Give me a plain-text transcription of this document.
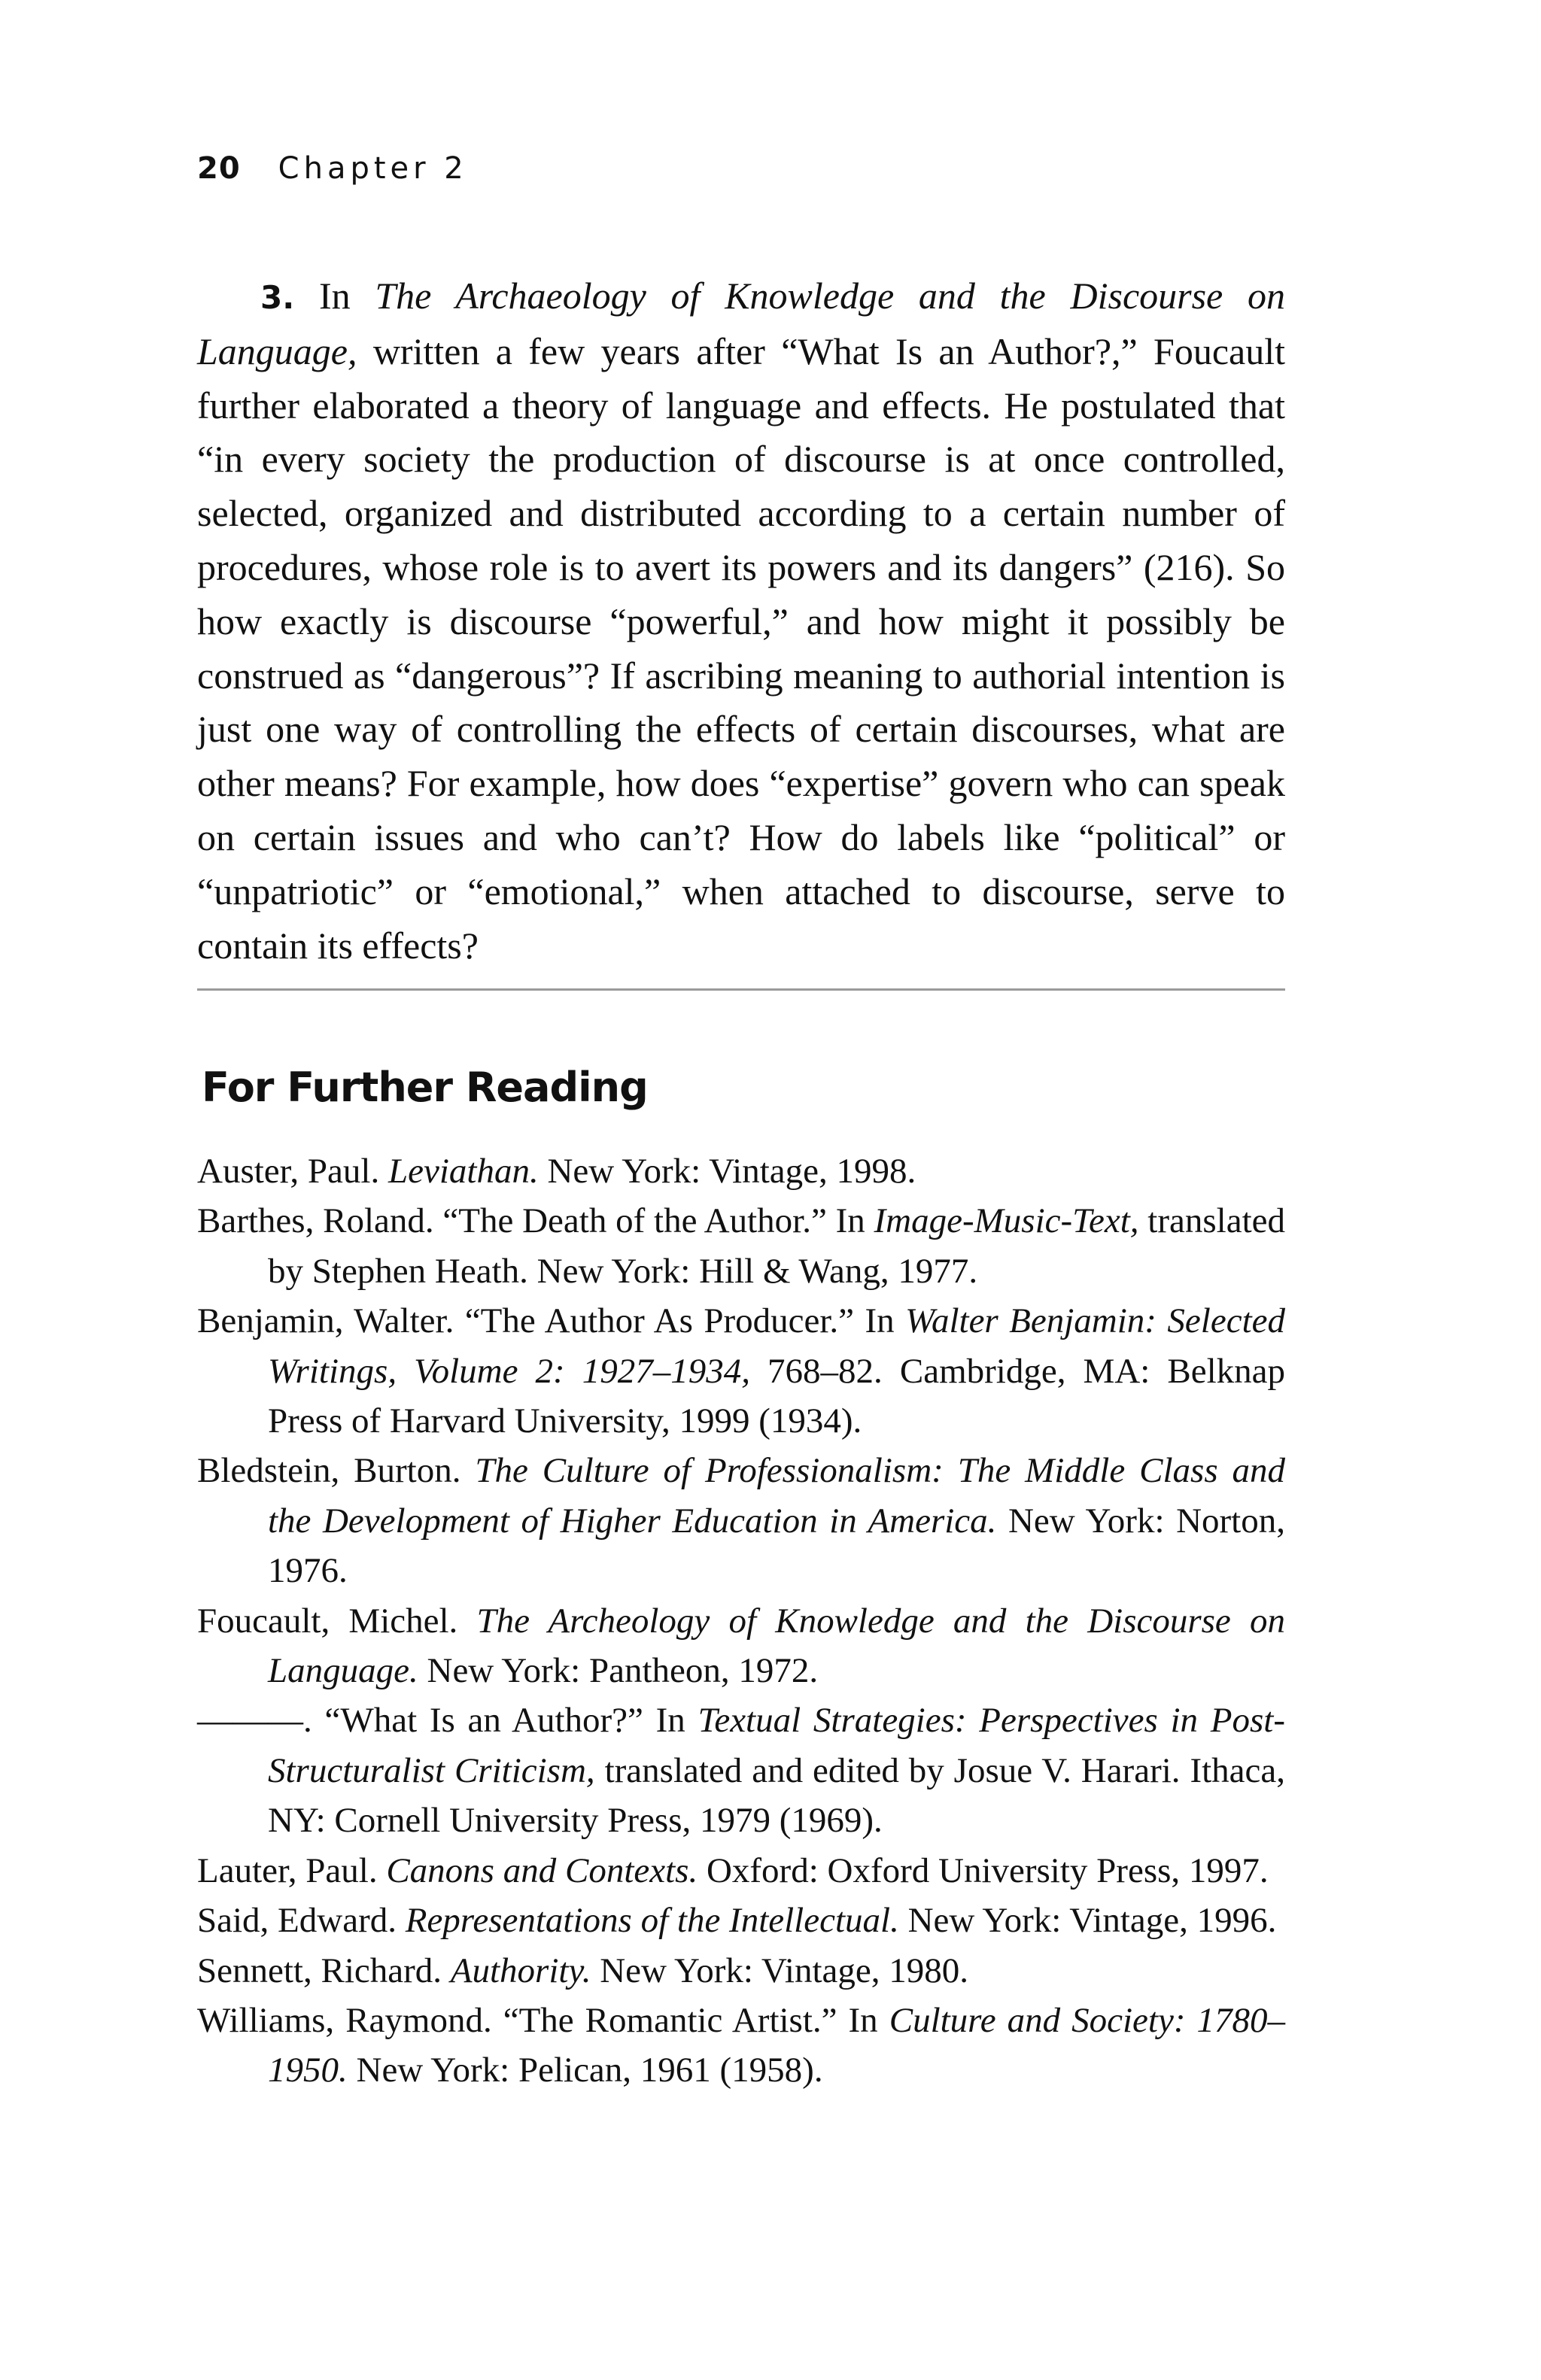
20 Chapter 2

3. In The Archaeology of Knowledge and the Discourse on Language, written a few years after “What Is an Author?,” Foucault further elaborated a theory of language and effects. He postulated that “in every society the production of discourse is at once controlled, selected, organized and distributed according to a certain number of procedures, whose role is to avert its powers and its dangers” (216). So how exactly is discourse “powerful,” and how might it possibly be construed as “dangerous”? If ascribing meaning to authorial intention is just one way of controlling the effects of certain discourses, what are other means? For example, how does “expertise” govern who can speak on certain issues and who can’t? How do labels like “political” or “unpatriotic” or “emotional,” when attached to discourse, serve to contain its effects?

For Further Reading
Auster, Paul. Leviathan. New York: Vintage, 1998.
Barthes, Roland. “The Death of the Author.” In Image-Music-Text, translated by Stephen Heath. New York: Hill & Wang, 1977.
Benjamin, Walter. “The Author As Producer.” In Walter Benjamin: Selected Writings, Volume 2: 1927–1934, 768–82. Cambridge, MA: Belknap Press of Harvard University, 1999 (1934).
Bledstein, Burton. The Culture of Professionalism: The Middle Class and the Development of Higher Education in America. New York: Norton, 1976.
Foucault, Michel. The Archeology of Knowledge and the Discourse on Language. New York: Pantheon, 1972.
———. “What Is an Author?” In Textual Strategies: Perspectives in Post-Structuralist Criticism, translated and edited by Josue V. Harari. Ithaca, NY: Cornell University Press, 1979 (1969).
Lauter, Paul. Canons and Contexts. Oxford: Oxford University Press, 1997.
Said, Edward. Representations of the Intellectual. New York: Vintage, 1996.
Sennett, Richard. Authority. New York: Vintage, 1980.
Williams, Raymond. “The Romantic Artist.” In Culture and Society: 1780–1950. New York: Pelican, 1961 (1958).
